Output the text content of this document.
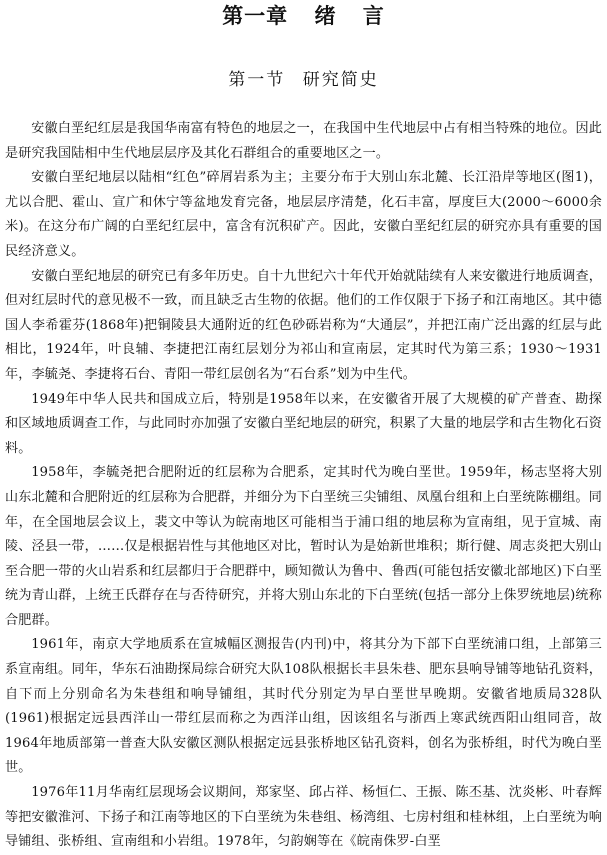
第一章 绪 言
第一节 研究简史

安徽白垩纪红层是我国华南富有特色的地层之一，在我国中生代地层中占有相当特殊的地位。因此是研究我国陆相中生代地层层序及其化石群组合的重要地区之一。

安徽白垩纪地层以陆相“红色”碎屑岩系为主；主要分布于大别山东北麓、长江沿岸等地区(图1)，尤以合肥、霍山、宣广和休宁等盆地发育完备，地层层序清楚，化石丰富，厚度巨大(2000～6000余米)。在这分布广阔的白垩纪红层中，富含有沉积矿产。因此，安徽白垩纪红层的研究亦具有重要的国民经济意义。

安徽白垩纪地层的研究已有多年历史。自十九世纪六十年代开始就陆续有人来安徽进行地质调查，但对红层时代的意见极不一致，而且缺乏古生物的依据。他们的工作仅限于下扬子和江南地区。其中德国人李希霍芬(1868年)把铜陵县大通附近的红色砂砾岩称为“大通层”，并把江南广泛出露的红层与此相比，1924年，叶良辅、李捷把江南红层划分为祁山和宣南层，定其时代为第三系；1930～1931年，李毓尧、李捷将石台、青阳一带红层创名为“石台系”划为中生代。

1949年中华人民共和国成立后，特别是1958年以来，在安徽省开展了大规模的矿产普查、勘探和区域地质调查工作，与此同时亦加强了安徽白垩纪地层的研究，积累了大量的地层学和古生物化石资料。

1958年，李毓尧把合肥附近的红层称为合肥系，定其时代为晚白垩世。1959年，杨志坚将大别山东北麓和合肥附近的红层称为合肥群，并细分为下白垩统三尖铺组、凤凰台组和上白垩统陈棚组。同年，在全国地层会议上，裴文中等认为皖南地区可能相当于浦口组的地层称为宣南组，见于宣城、南陵、泾县一带，……仅是根据岩性与其他地区对比，暂时认为是始新世堆积；斯行健、周志炎把大别山至合肥一带的火山岩系和红层都归于合肥群中，顾知微认为鲁中、鲁西(可能包括安徽北部地区)下白垩统为青山群，上统王氏群存在与否待研究，并将大别山东北的下白垩统(包括一部分上侏罗统地层)统称合肥群。

1961年，南京大学地质系在宣城幅区测报告(内刊)中，将其分为下部下白垩统浦口组，上部第三系宣南组。同年，华东石油勘探局综合研究大队108队根据长丰县朱巷、肥东县响导铺等地钻孔资料，自下而上分别命名为朱巷组和响导铺组，其时代分别定为早白垩世早晚期。安徽省地质局328队(1961)根据定远县西洋山一带红层而称之为西洋山组，因该组名与浙西上寒武统西阳山组同音，故1964年地质部第一普查大队安徽区测队根据定远县张桥地区钻孔资料，创名为张桥组，时代为晚白垩世。

1976年11月华南红层现场会议期间，郑家坚、邱占祥、杨恒仁、王振、陈丕基、沈炎彬、叶春辉等把安徽淮河、下扬子和江南等地区的下白垩统为朱巷组、杨湾组、七房村组和桂林组，上白垩统为响导铺组、张桥组、宣南组和小岩组。1978年，匀韵娴等在《皖南侏罗-白垩
